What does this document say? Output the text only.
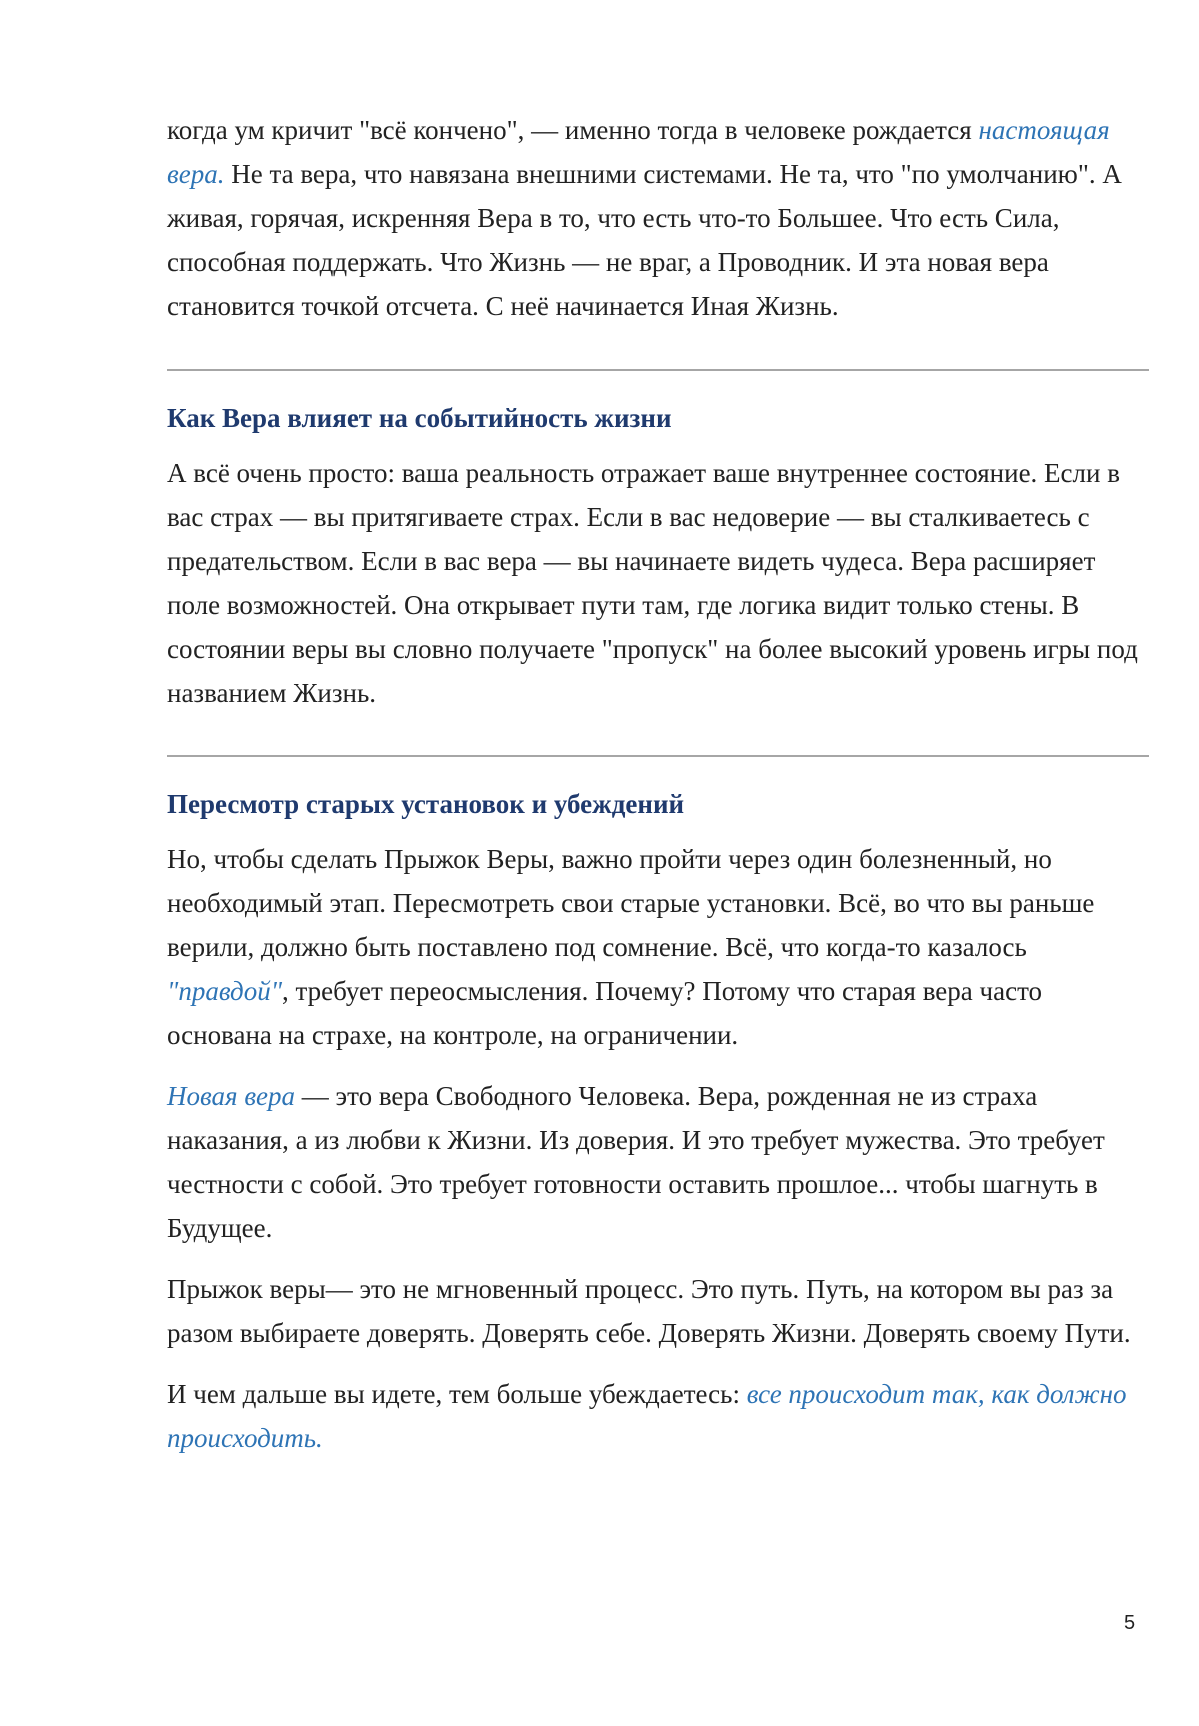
когда ум кричит "всё кончено", — именно тогда в человеке рождается настоящая вера. Не та вера, что навязана внешними системами. Не та, что "по умолчанию". А живая, горячая, искренняя Вера в то, что есть что-то Большее. Что есть Сила, способная поддержать. Что Жизнь — не враг, а Проводник. И эта новая вера становится точкой отсчета. С неё начинается Иная Жизнь.

Как Вера влияет на событийность жизни

А всё очень просто: ваша реальность отражает ваше внутреннее состояние. Если в вас страх — вы притягиваете страх. Если в вас недоверие — вы сталкиваетесь с предательством. Если в вас вера — вы начинаете видеть чудеса. Вера расширяет поле возможностей. Она открывает пути там, где логика видит только стены. В состоянии веры вы словно получаете "пропуск" на более высокий уровень игры под названием Жизнь.

Пересмотр старых установок и убеждений

Но, чтобы сделать Прыжок Веры, важно пройти через один болезненный, но необходимый этап. Пересмотреть свои старые установки. Всё, во что вы раньше верили, должно быть поставлено под сомнение. Всё, что когда-то казалось "правдой", требует переосмысления. Почему? Потому что старая вера часто основана на страхе, на контроле, на ограничении.

Новая вера — это вера Свободного Человека. Вера, рожденная не из страха наказания, а из любви к Жизни. Из доверия. И это требует мужества. Это требует честности с собой. Это требует готовности оставить прошлое... чтобы шагнуть в Будущее.

Прыжок веры— это не мгновенный процесс. Это путь. Путь, на котором вы раз за разом выбираете доверять. Доверять себе. Доверять Жизни. Доверять своему Пути.

И чем дальше вы идете, тем больше убеждаетесь: все происходит так, как должно происходить.

5
